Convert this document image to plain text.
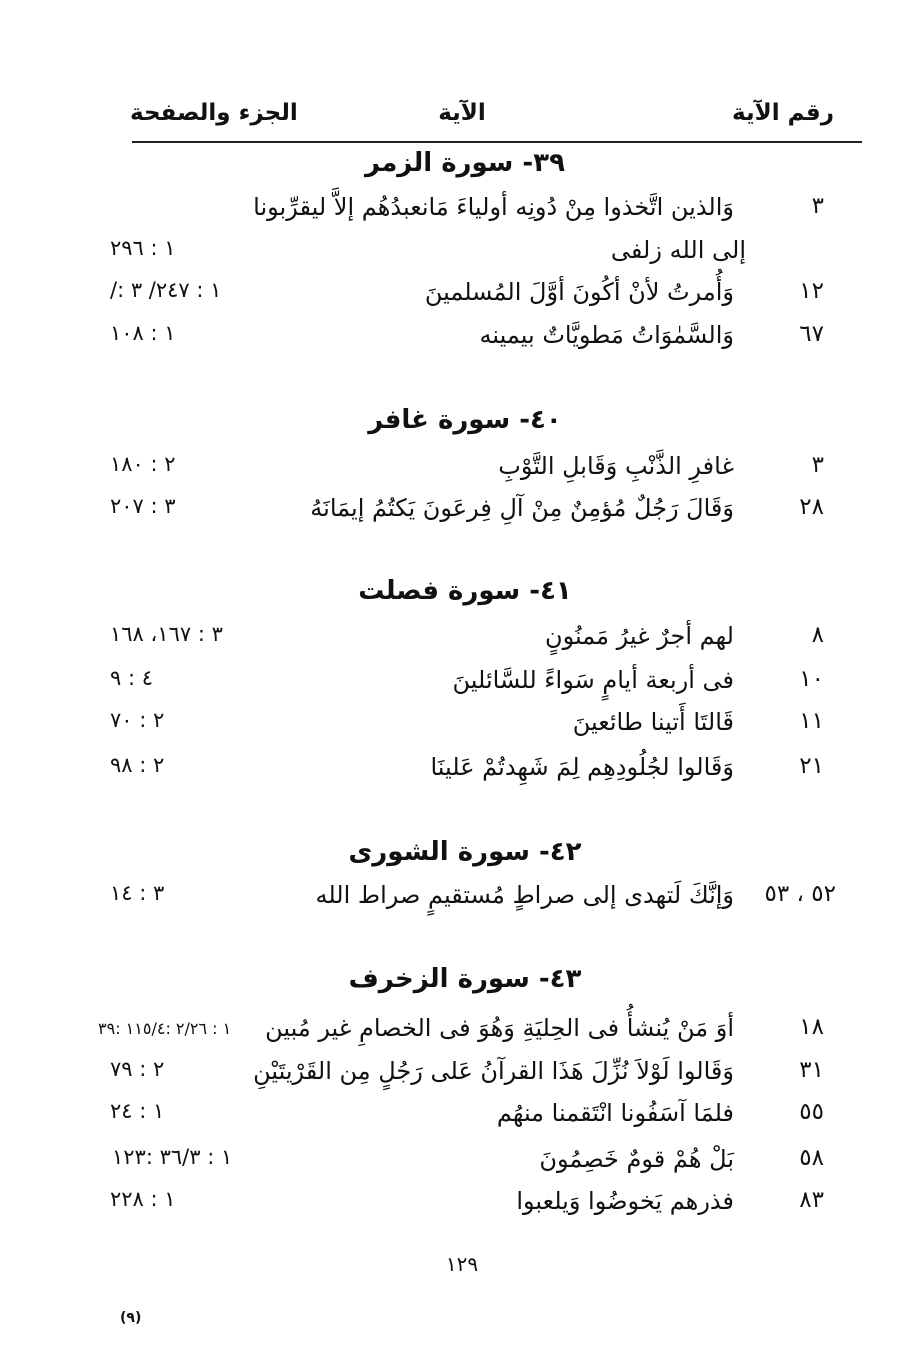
رقم الآية
الآية
الجزء والصفحة
٣٩- سورة الزمر
٣
وَالذين اتَّخذوا مِنْ دُونِه أولياءَ مَانعبدُهُم إلاَّ ليقرِّبونا
إلى الله زلفى
١ : ٢٩٦
١٢
وَأُمرتُ لأنْ أكُونَ أوَّلَ المُسلمينَ
١ : ٢٤٧/ ٣ :/
٦٧
وَالسَّمٰوَاتُ مَطويَّاتٌ بيمينه
١ : ١٠٨
٤٠- سورة غافر
٣
غافرِ الذَّنْبِ وَقَابلِ التَّوْبِ
٢ : ١٨٠
٢٨
وَقَالَ رَجُلٌ مُؤمِنٌ مِنْ آلِ فِرعَونَ يَكتُمُ إيمَانَهُ
٣ : ٢٠٧
٤١- سورة فصلت
٨
لهم أجرٌ غيرُ مَمنُونٍ
٣ : ١٦٧، ١٦٨
١٠
فى أربعة أيامٍ سَواءً للسَّائلينَ
٤ : ٩
١١
قَالتَا أَتينا طائعينَ
٢ : ٧٠
٢١
وَقَالوا لجُلُودِهِم لِمَ شَهِدتُمْ عَلينَا
٢ : ٩٨
٤٢- سورة الشورى
٥٢ ، ٥٣
وَإنَّكَ لَتهدى إلى صراطٍ مُستقيمٍ صراط الله
٣ : ١٤
٤٣- سورة الزخرف
١٨
أوَ مَنْ يُنشأُ فى الحِليَةِ وَهُوَ فى الخصامِ غير مُبين
١ : ٢/٢٦ :١١٥/٤ :٣٩
٣١
وَقَالوا لَوْلاَ نُزِّلَ هَذَا القرآنُ عَلى رَجُلٍ مِن القَرْيتَيْنِ
٢ : ٧٩
٥٥
فلمَا آسَفُونا انْتَقمنا منهُم
١ : ٢٤
٥٨
بَلْ هُمْ قومٌ خَصِمُونَ
١ : ٣٦/٣ :١٢٣
٨٣
فذرهم يَخوضُوا وَيلعبوا
١ : ٢٢٨
١٢٩
(٩)
